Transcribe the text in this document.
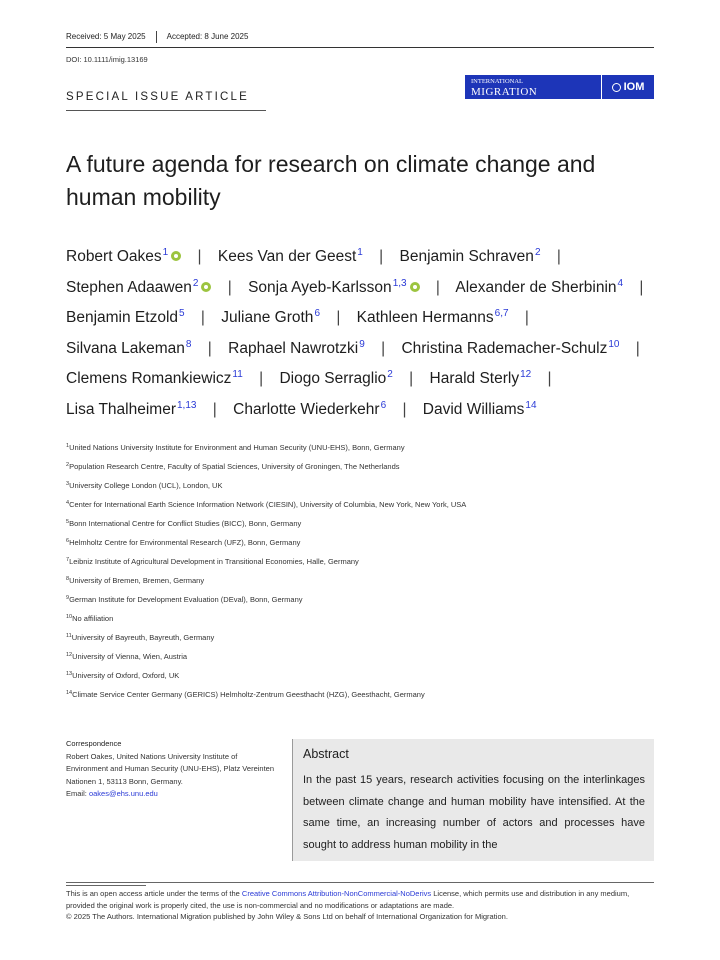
Received: 5 May 2025	Accepted: 8 June 2025
DOI: 10.1111/imig.13169
INTERNATIONAL
MIGRATION	IOM
SPECIAL ISSUE ARTICLE
A future agenda for research on climate change and human mobility
Robert Oakes$^1$ | Kees Van der Geest$^1$ | Benjamin Schraven$^2$ | Stephen Adaawen$^2$ | Sonja Ayeb-Karlsson$^{1,3}$ | Alexander de Sherbinin$^4$ | Benjamin Etzold$^5$ | Juliane Groth$^6$ | Kathleen Hermanns$^{6,7}$ | Silvana Lakeman$^8$ | Raphael Nawrotzki$^9$ | Christina Rademacher-Schulz$^{10}$ | Clemens Romankiewicz$^{11}$ | Diogo Serraglio$^2$ | Harald Sterly$^{12}$ | Lisa Thalheimer$^{1,13}$ | Charlotte Wiederkehr$^6$ | David Williams$^{14}$
$^1$United Nations University Institute for Environment and Human Security (UNU-EHS), Bonn, Germany
$^2$Population Research Centre, Faculty of Spatial Sciences, University of Groningen, The Netherlands
$^3$University College London (UCL), London, UK
$^4$Center for International Earth Science Information Network (CIESIN), University of Columbia, New York, New York, USA
$^5$Bonn International Centre for Conflict Studies (BICC), Bonn, Germany
$^6$Helmholtz Centre for Environmental Research (UFZ), Bonn, Germany
$^7$Leibniz Institute of Agricultural Development in Transitional Economies, Halle, Germany
$^8$University of Bremen, Bremen, Germany
$^9$German Institute for Development Evaluation (DEval), Bonn, Germany
$^{10}$No affiliation
$^{11}$University of Bayreuth, Bayreuth, Germany
$^{12}$University of Vienna, Wien, Austria
$^{13}$University of Oxford, Oxford, UK
$^{14}$Climate Service Center Germany (GERICS) Helmholtz-Zentrum Geesthacht (HZG), Geesthacht, Germany
Correspondence
Robert Oakes, United Nations University Institute of Environment and Human Security (UNU-EHS), Platz Vereinten Nationen 1, 53113 Bonn, Germany.
Email: oakes@ehs.unu.edu
Abstract

In the past 15 years, research activities focusing on the interlinkages between climate change and human mobility have intensified. At the same time, an increasing number of actors and processes have sought to address human mobility in the

This is an open access article under the terms of the Creative Commons Attribution-NonCommercial-NoDerivs License, which permits use and distribution in any medium, provided the original work is properly cited, the use is non-commercial and no modifications or adaptations are made.

© 2025 The Authors. International Migration published by John Wiley & Sons Ltd on behalf of International Organization for Migration.
